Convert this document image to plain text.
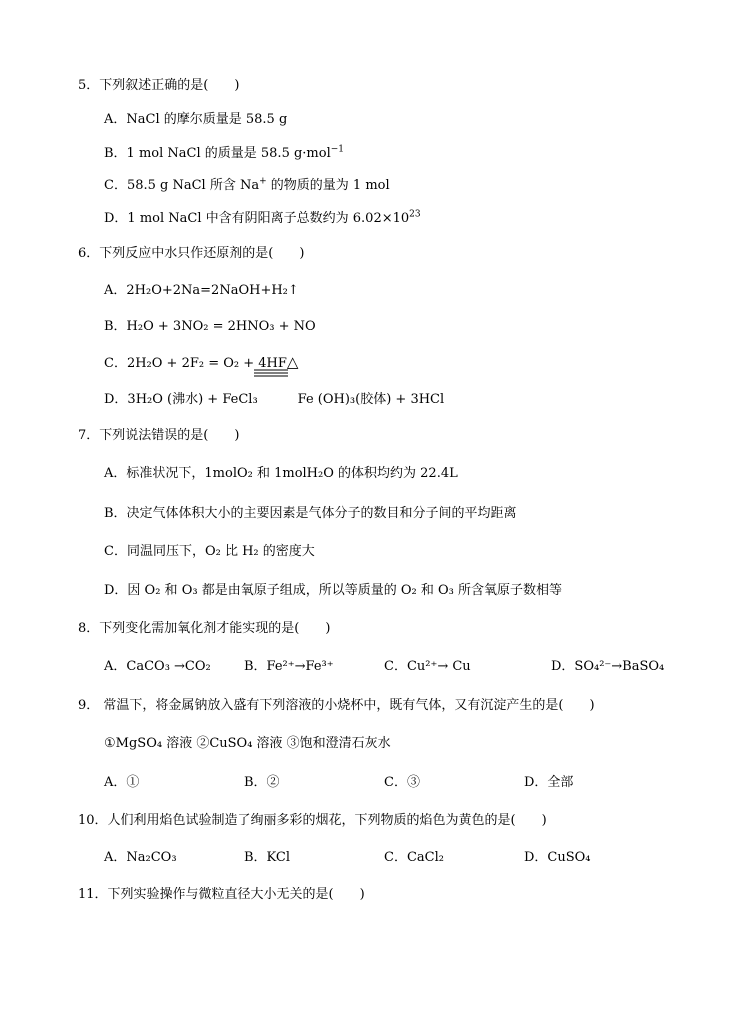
5．下列叙述正确的是(　　)
A．NaCl 的摩尔质量是 58.5 g
B．1 mol NaCl 的质量是 58.5 g·mol$^{-1}$
C．58.5 g NaCl 所含 Na+ 的物质的量为 1 mol
D．1 mol NaCl 中含有阴阳离子总数约为 $6.02\times 10^{23}$
6．下列反应中水只作还原剂的是(　　)
A．2H₂O+2Na=2NaOH+H₂↑
B．H₂O + 3NO₂ = 2HNO₃ + NO
C．2H₂O + 2F₂ = O₂ + 4HF△
D．3H₂O (沸水) + FeCl₃	Fe (OH)₃(胶体) + 3HCl
7．下列说法错误的是(　　)
A．标准状况下，1molO₂ 和 1molH₂O 的体积均约为 22.4L
B．决定气体体积大小的主要因素是气体分子的数目和分子间的平均距离
C．同温同压下，O₂ 比 H₂ 的密度大
D．因 O₂ 和 O₃ 都是由氧原子组成，所以等质量的 O₂ 和 O₃ 所含氧原子数相等
8．下列变化需加氧化剂才能实现的是(　　)
A．CaCO₃ →CO₂	B．Fe²⁺→Fe³⁺	C．Cu²⁺→ Cu	D．SO₄²⁻→BaSO₄
9． 常温下，将金属钠放入盛有下列溶液的小烧杯中，既有气体，又有沉淀产生的是(　　)
①MgSO₄ 溶液 ②CuSO₄ 溶液 ③饱和澄清石灰水
A．①	B．②	C．③	D．全部
10．人们利用焰色试验制造了绚丽多彩的烟花，下列物质的焰色为黄色的是(　　)
A．Na₂CO₃	B．KCl	C．CaCl₂	D．CuSO₄
11．下列实验操作与微粒直径大小无关的是(　　)
